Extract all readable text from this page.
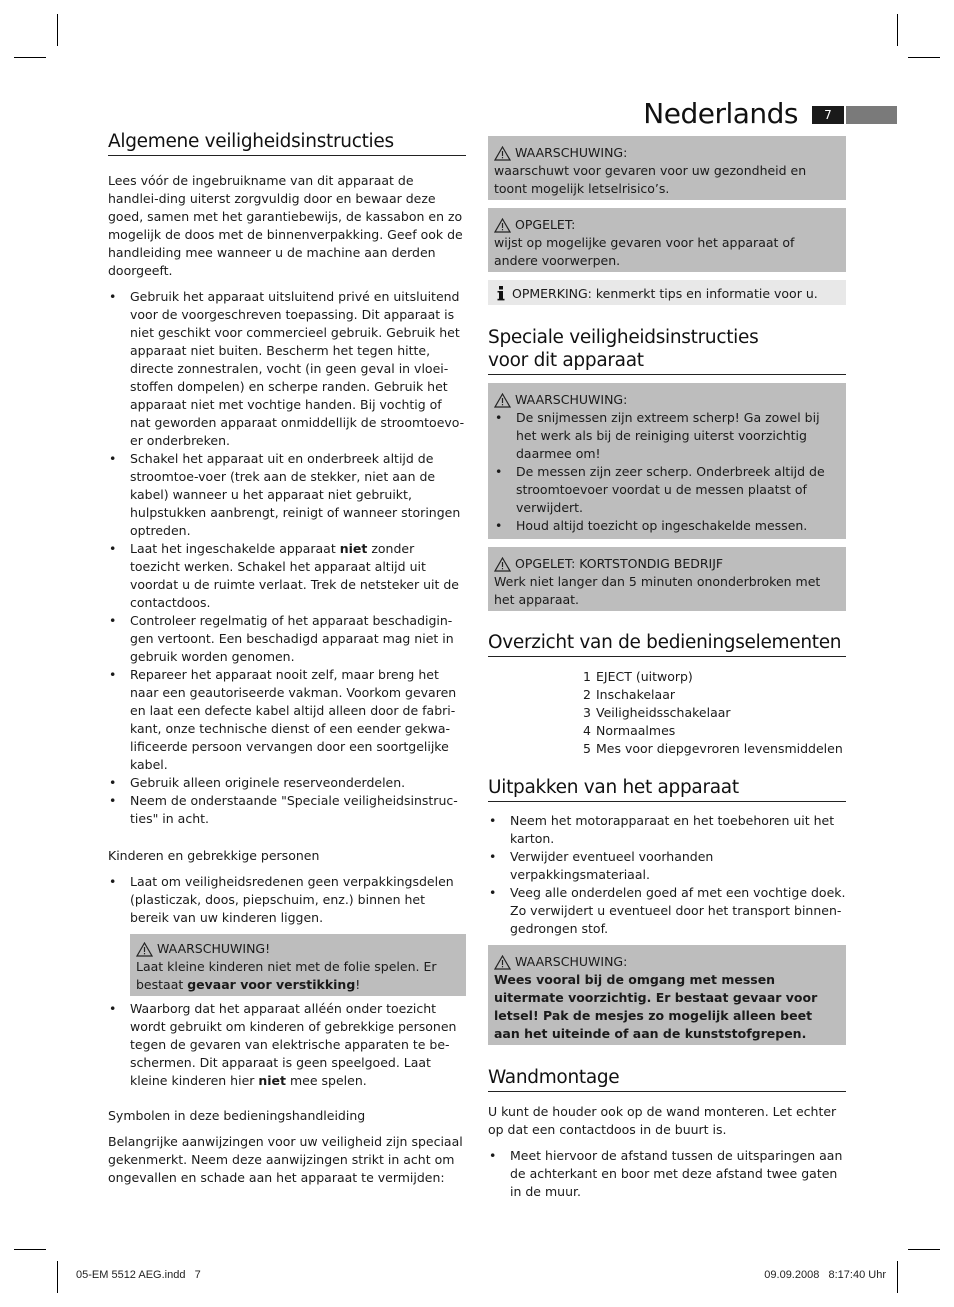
Nederlands	7
Algemene veiligheidsinstructies

Lees vóór de ingebruikname van dit apparaat de handlei-ding uiterst zorgvuldig door en bewaar deze goed, samen met het garantiebewijs, de kassabon en zo mogelijk de doos met de binnenverpakking. Geef ook de handleiding mee wanneer u de machine aan derden doorgeeft.

• Gebruik het apparaat uitsluitend privé en uitsluitend voor de voorgeschreven toepassing. Dit apparaat is niet geschikt voor commercieel gebruik. Gebruik het apparaat niet buiten. Bescherm het tegen hitte, directe zonnestralen, vocht (in geen geval in vloei-stoffen dompelen) en scherpe randen. Gebruik het apparaat niet met vochtige handen. Bij vochtig of nat geworden apparaat onmiddellijk de stroomtoevo-er onderbreken.
• Schakel het apparaat uit en onderbreek altijd de stroomtoe-voer (trek aan de stekker, niet aan de kabel) wanneer u het apparaat niet gebruikt, hulpstukken aanbrengt, reinigt of wanneer storingen optreden.
• Laat het ingeschakelde apparaat niet zonder toezicht werken. Schakel het apparaat altijd uit voordat u de ruimte verlaat. Trek de netsteker uit de contactdoos.
• Controleer regelmatig of het apparaat beschadigin-gen vertoont. Een beschadigd apparaat mag niet in gebruik worden genomen.
• Repareer het apparaat nooit zelf, maar breng het naar een geautoriseerde vakman. Voorkom gevaren en laat een defecte kabel altijd alleen door de fabri-kant, onze technische dienst of een eender gekwa-lificeerde persoon vervangen door een soortgelijke kabel.
• Gebruik alleen originele reserveonderdelen.
• Neem de onderstaande "Speciale veiligheidsinstruc-ties" in acht.
Kinderen en gebrekkige personen
• Laat om veiligheidsredenen geen verpakkingsdelen (plasticzak, doos, piepschuim, enz.) binnen het bereik van uw kinderen liggen.
WAARSCHUWING!

Laat kleine kinderen niet met de folie spelen. Er bestaat gevaar voor verstikking!

• Waarborg dat het apparaat alléén onder toezicht wordt gebruikt om kinderen of gebrekkige personen tegen de gevaren van elektrische apparaten te be-schermen. Dit apparaat is geen speelgoed. Laat kleine kinderen hier niet mee spelen.
Symbolen in deze bedieningshandleiding

Belangrijke aanwijzingen voor uw veiligheid zijn speciaal gekenmerkt. Neem deze aanwijzingen strikt in acht om ongevallen en schade aan het apparaat te vermijden:

WAARSCHUWING:

waarschuwt voor gevaren voor uw gezondheid en toont mogelijk letselrisico’s.

OPGELET:

wijst op mogelijke gevaren voor het apparaat of andere voorwerpen.

OPMERKING: kenmerkt tips en informatie voor u.
Speciale veiligheidsinstructies
voor dit apparaat
WAARSCHUWING:
• De snijmessen zijn extreem scherp! Ga zowel bij het werk als bij de reiniging uiterst voorzichtig daarmee om!
• De messen zijn zeer scherp. Onderbreek altijd de stroomtoevoer voordat u de messen plaatst of verwijdert.
• Houd altijd toezicht op ingeschakelde messen.
OPGELET: KORTSTONDIG BEDRIJF

Werk niet langer dan 5 minuten ononderbroken met het apparaat.

Overzicht van de bedieningselementen
1 EJECT (uitworp)
2 Inschakelaar
3 Veiligheidsschakelaar
4 Normaalmes
5 Mes voor diepgevroren levensmiddelen
Uitpakken van het apparaat
• Neem het motorapparaat en het toebehoren uit het karton.
• Verwijder eventueel voorhanden verpakkingsmateriaal.
• Veeg alle onderdelen goed af met een vochtige doek. Zo verwijdert u eventueel door het transport binnen-gedrongen stof.
WAARSCHUWING:

Wees vooral bij de omgang met messen uitermate voorzichtig. Er bestaat gevaar voor letsel! Pak de mesjes zo mogelijk alleen beet aan het uiteinde of aan de kunststofgrepen.

Wandmontage

U kunt de houder ook op de wand monteren. Let echter op dat een contactdoos in de buurt is.

• Meet hiervoor de afstand tussen de uitsparingen aan de achterkant en boor met deze afstand twee gaten in de muur.
05-EM 5512 AEG.indd   7	09.09.2008   8:17:40 Uhr
